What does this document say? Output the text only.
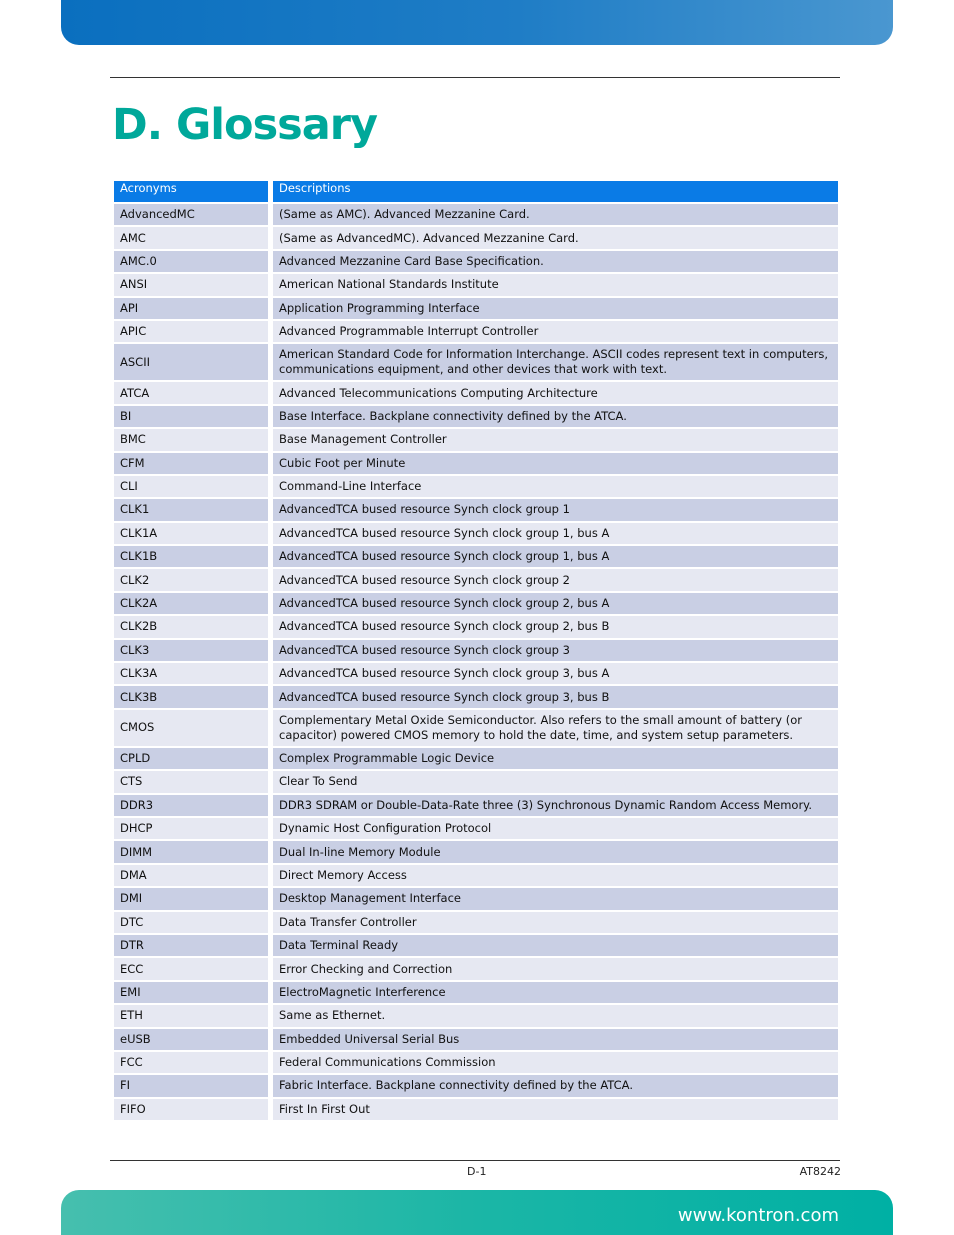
D. Glossary
Acronyms	Descriptions
AdvancedMC	(Same as AMC). Advanced Mezzanine Card.
AMC	(Same as AdvancedMC). Advanced Mezzanine Card.
AMC.0	Advanced Mezzanine Card Base Specification.
ANSI	American National Standards Institute
API	Application Programming Interface
APIC	Advanced Programmable Interrupt Controller
ASCII	American Standard Code for Information Interchange. ASCII codes represent text in computers, communications equipment, and other devices that work with text.
ATCA	Advanced Telecommunications Computing Architecture
BI	Base Interface. Backplane connectivity defined by the ATCA.
BMC	Base Management Controller
CFM	Cubic Foot per Minute
CLI	Command-Line Interface
CLK1	AdvancedTCA bused resource Synch clock group 1
CLK1A	AdvancedTCA bused resource Synch clock group 1, bus A
CLK1B	AdvancedTCA bused resource Synch clock group 1, bus A
CLK2	AdvancedTCA bused resource Synch clock group 2
CLK2A	AdvancedTCA bused resource Synch clock group 2, bus A
CLK2B	AdvancedTCA bused resource Synch clock group 2, bus B
CLK3	AdvancedTCA bused resource Synch clock group 3
CLK3A	AdvancedTCA bused resource Synch clock group 3, bus A
CLK3B	AdvancedTCA bused resource Synch clock group 3, bus B
CMOS	Complementary Metal Oxide Semiconductor. Also refers to the small amount of battery (or capacitor) powered CMOS memory to hold the date, time, and system setup parameters.
CPLD	Complex Programmable Logic Device
CTS	Clear To Send
DDR3	DDR3 SDRAM or Double-Data-Rate three (3) Synchronous Dynamic Random Access Memory.
DHCP	Dynamic Host Configuration Protocol
DIMM	Dual In-line Memory Module
DMA	Direct Memory Access
DMI	Desktop Management Interface
DTC	Data Transfer Controller
DTR	Data Terminal Ready
ECC	Error Checking and Correction
EMI	ElectroMagnetic Interference
ETH	Same as Ethernet.
eUSB	Embedded Universal Serial Bus
FCC	Federal Communications Commission
FI	Fabric Interface. Backplane connectivity defined by the ATCA.
FIFO	First In First Out
D-1	AT8242
www.kontron.com
